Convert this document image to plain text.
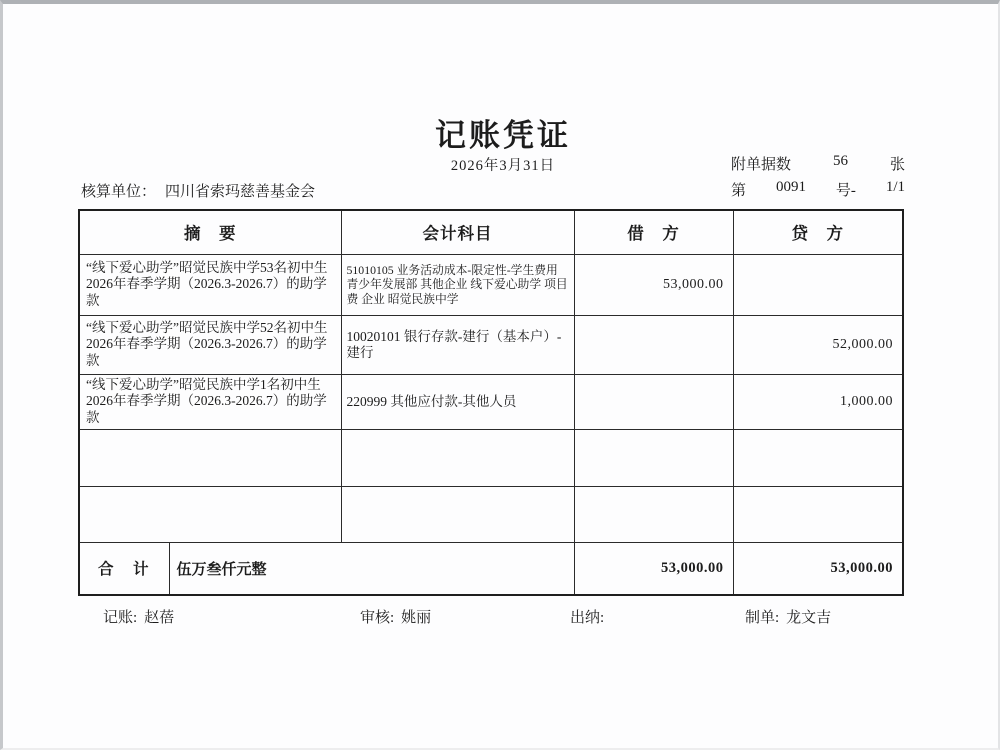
记账凭证
2026年3月31日	附单据数	56	张
第 0091 号- 1/1
核算单位： 四川省索玛慈善基金会
摘　要		会计科目	借　方	贷　方
“线下爱心助学”昭觉民族中学53名初中生2026年春季学期（2026.3-2026.7）的助学款		51010105 业务活动成本-限定性-学生费用 青少年发展部 其他企业 线下爱心助学 项目费 企业 昭觉民族中学	53,000.00	
“线下爱心助学”昭觉民族中学52名初中生2026年春季学期（2026.3-2026.7）的助学款		10020101 银行存款-建行（基本户）-建行		52,000.00
“线下爱心助学”昭觉民族中学1名初中生2026年春季学期（2026.3-2026.7）的助学款		220999 其他应付款-其他人员		1,000.00

合　计	伍万叁仟元整		53,000.00	53,000.00
记账: 赵蓓	审核: 姚丽	出纳:	制单: 龙文吉
